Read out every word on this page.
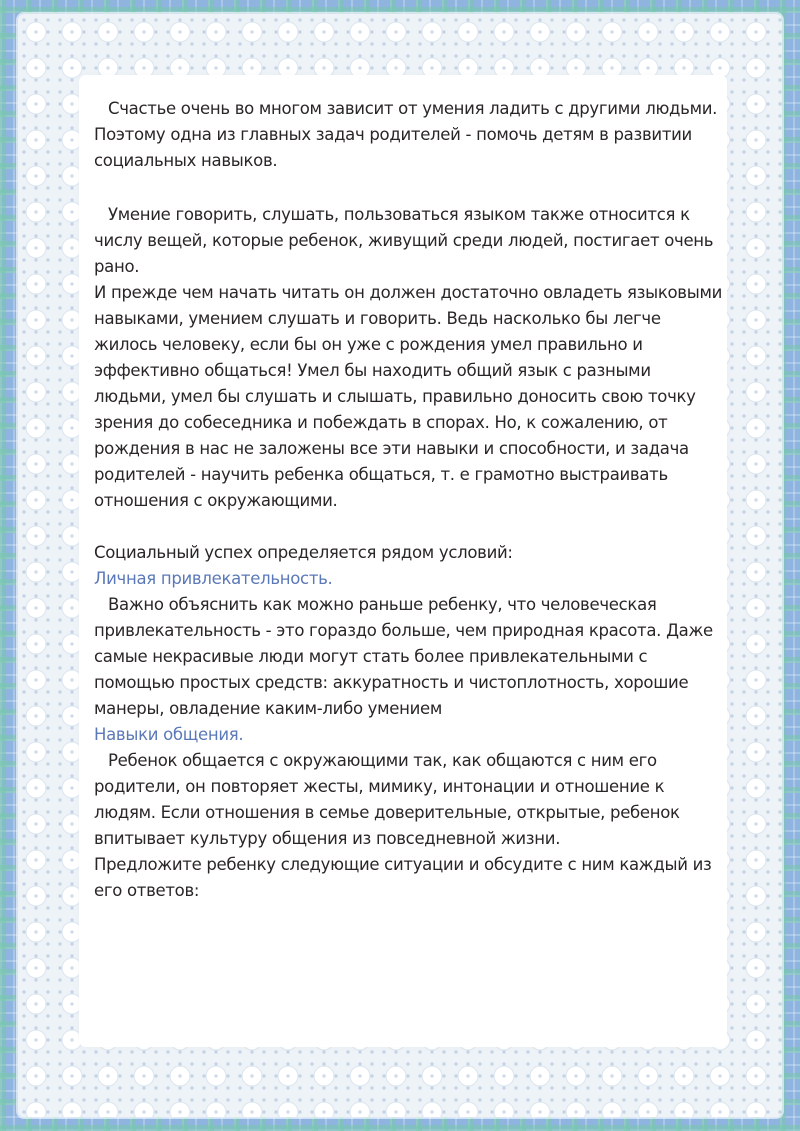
Счастье очень во многом зависит от умения ладить с другими людьми. Поэтому одна из главных задач родителей - помочь детям в развитии социальных навыков.

Умение говорить, слушать, пользоваться языком также относится к числу вещей, которые ребенок, живущий среди людей, постигает очень рано.

И прежде чем начать читать он должен достаточно овладеть языковыми навыками, умением слушать и говорить. Ведь насколько бы легче жилось человеку, если бы он уже с рождения умел правильно и эффективно общаться! Умел бы находить общий язык с разными людьми, умел бы слушать и слышать, правильно доносить свою точку зрения до собеседника и побеждать в спорах. Но, к сожалению, от рождения в нас не заложены все эти навыки и способности, и задача родителей - научить ребенка общаться, т. е грамотно выстраивать отношения с окружающими.

Социальный успех определяется рядом условий:

Личная привлекательность.

Важно объяснить как можно раньше ребенку, что человеческая привлекательность - это гораздо больше, чем природная красота. Даже самые некрасивые люди могут стать более привлекательными с помощью простых средств: аккуратность и чистоплотность, хорошие манеры, овладение каким-либо умением

Навыки общения.

Ребенок общается с окружающими так, как общаются с ним его родители, он повторяет жесты, мимику, интонации и отношение к людям. Если отношения в семье доверительные, открытые, ребенок впитывает культуру общения из повседневной жизни.

Предложите ребенку следующие ситуации и обсудите с ним каждый из его ответов:
